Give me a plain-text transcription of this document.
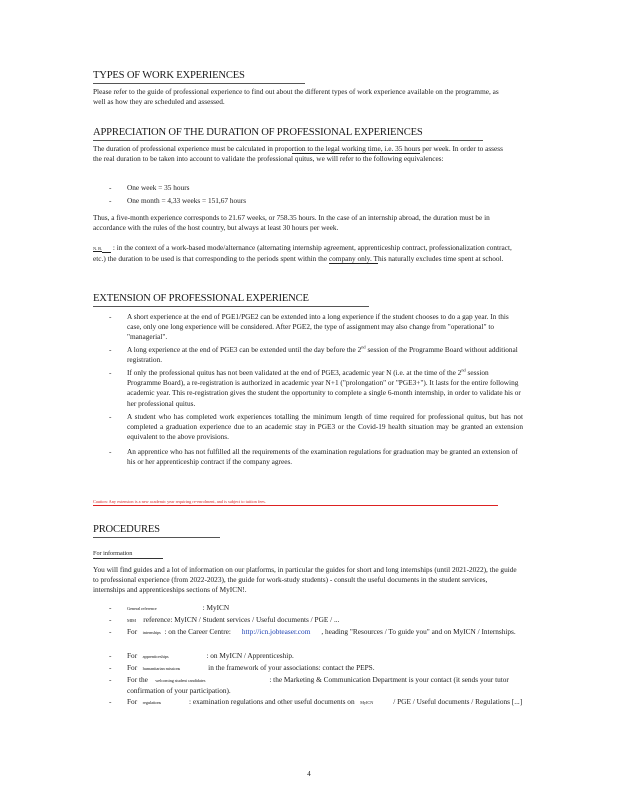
TYPES OF WORK EXPERIENCES
Please refer to the guide of professional experience to find out about the different types of work experience available on the programme, as well as how they are scheduled and assessed.
APPRECIATION OF THE DURATION OF PROFESSIONAL EXPERIENCES
The duration of professional experience must be calculated in proportion to the legal working time, i.e. 35 hours per week. In order to assess the real duration to be taken into account to validate the professional quitus, we will refer to the following equivalences:
- One week = 35 hours
- One month = 4,33 weeks = 151,67 hours
Thus, a five-month experience corresponds to 21.67 weeks, or 758.35 hours. In the case of an internship abroad, the duration must be in accordance with the rules of the host country, but always at least 30 hours per week.
N. B. : in the context of a work-based mode/alternance (alternating internship agreement, apprenticeship contract, professionalization contract, etc.) the duration to be used is that corresponding to the periods spent within the company only. This naturally excludes time spent at school.
EXTENSION OF PROFESSIONAL EXPERIENCE
- A short experience at the end of PGE1/PGE2 can be extended into a long experience if the student chooses to do a gap year. In this case, only one long experience will be considered. After PGE2, the type of assignment may also change from "operational" to "managerial".
- A long experience at the end of PGE3 can be extended until the day before the 2nd session of the Programme Board without additional registration.
- If only the professional quitus has not been validated at the end of PGE3, academic year N (i.e. at the time of the 2nd session Programme Board), a re-registration is authorized in academic year N+1 ("prolongation" or "PGE3+"). It lasts for the entire following academic year. This re-registration gives the student the opportunity to complete a single 6-month internship, in order to validate his or her professional quitus.
- A student who has completed work experiences totalling the minimum length of time required for professional quitus, but has not completed a graduation experience due to an academic stay in PGE3 or the Covid-19 health situation may be granted an extension equivalent to the above provisions.
- An apprentice who has not fulfilled all the requirements of the examination regulations for graduation may be granted an extension of his or her apprenticeship contract if the company agrees.
Caution: Any extension is a new academic year requiring re-enrolment, and is subject to tuition fees.
PROCEDURES
For information
You will find guides and a lot of information on our platforms, in particular the guides for short and long internships (until 2021-2022), the guide to professional experience (from 2022-2023), the guide for work-study students) - consult the useful documents in the student services, internships and apprenticeships sections of MyICN!.
-	General reference	: MyICN
-	MIM reference: MyICN / Student services / Useful documents / PGE / ...
- For internships : on the Career Centre: http://icn.jobteaser.com , heading "Resources / To guide you" and on MyICN / Internships.
- For apprenticeships	: on MyICN / Apprenticeship.
- For humanitarian missions	in the framework of your associations: contact the PEPS.
- For the welcoming student candidates	: the Marketing & Communication Department is your contact (it sends your tutor confirmation of your participation).
- For regulations	: examination regulations and other useful documents on MyICN	/ PGE / Useful documents / Regulations [...]
4
